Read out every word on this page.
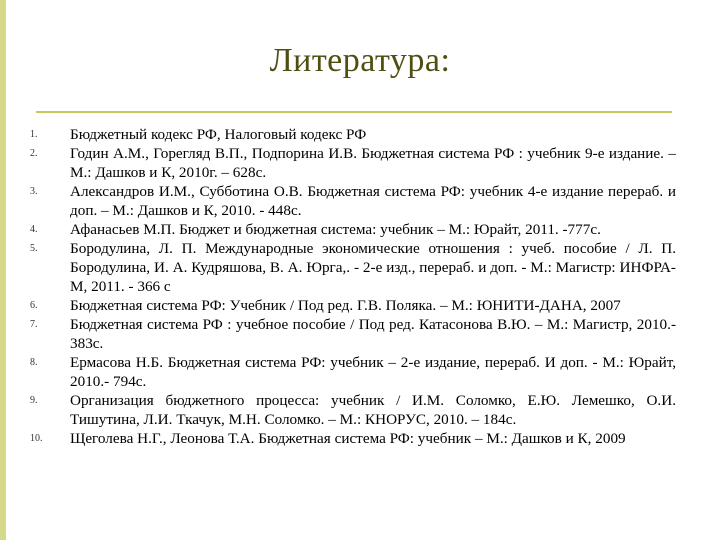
Литература:
1.	Бюджетный кодекс РФ, Налоговый кодекс РФ
2.	Годин А.М., Горегляд В.П., Подпорина И.В. Бюджетная система РФ : учебник 9-е издание. – М.: Дашков и К, 2010г. – 628с.
3.	Александров И.М., Субботина О.В. Бюджетная система РФ: учебник 4-е издание перераб. и доп. – М.: Дашков и К, 2010. - 448с.
4.	Афанасьев М.П. Бюджет и бюджетная система: учебник – М.: Юрайт, 2011. -777с.
5.	Бородулина, Л. П. Международные экономические отношения : учеб. пособие / Л. П. Бородулина, И. А. Кудряшова, В. А. Юрга,. - 2-е изд., перераб. и доп. - М.: Магистр: ИНФРА-М, 2011. - 366 с
6.	Бюджетная система РФ: Учебник / Под ред. Г.В. Поляка. – М.: ЮНИТИ-ДАНА, 2007
7.	Бюджетная система РФ : учебное пособие / Под ред. Катасонова В.Ю. – М.: Магистр, 2010.- 383с.
8.	Ермасова Н.Б. Бюджетная система РФ: учебник – 2-е издание, перераб. И доп. - М.: Юрайт, 2010.- 794с.
9.	Организация бюджетного процесса: учебник / И.М. Соломко, Е.Ю. Лемешко, О.И. Тишутина, Л.И. Ткачук, М.Н. Соломко. – М.: КНОРУС, 2010. – 184с.
10.	Щеголева Н.Г., Леонова Т.А. Бюджетная система РФ: учебник – М.: Дашков и К, 2009
